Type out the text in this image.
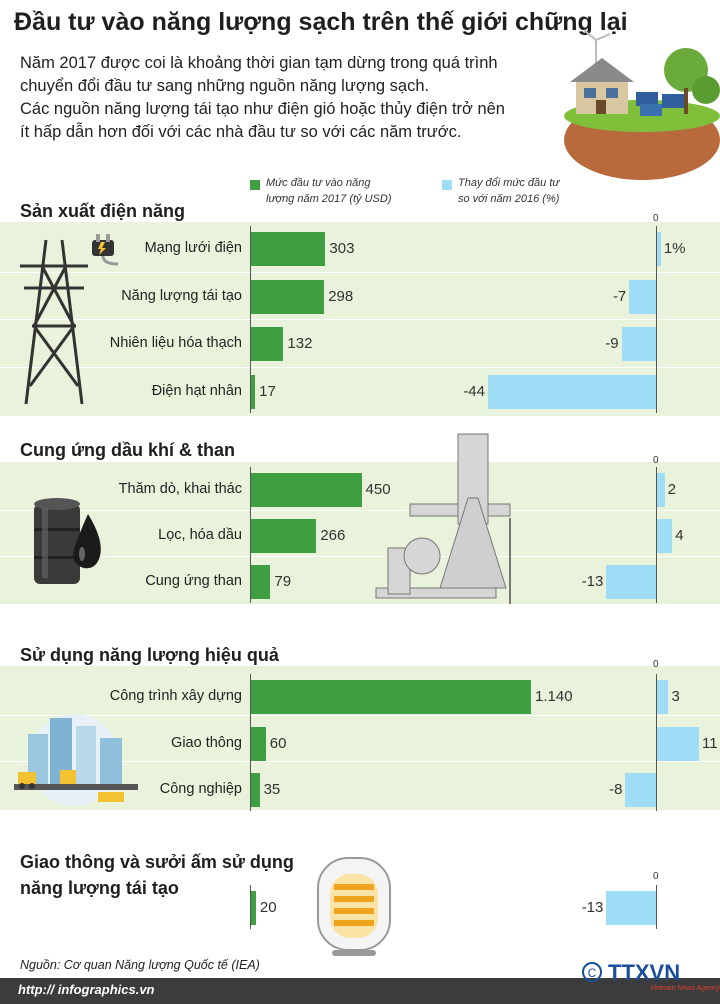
Đầu tư vào năng lượng sạch trên thế giới chững lại
Năm 2017 được coi là khoảng thời gian tạm dừng trong quá trình
chuyển đổi đầu tư sang những nguồn năng lượng sạch.
Các nguồn năng lượng tái tạo như điện gió hoặc thủy điện trở nên
ít hấp dẫn hơn đối với các nhà đầu tư so với các năm trước.
Mức đầu tư vào năng
lượng năm 2017 (tỷ USD)
Thay đổi mức đầu tư
so với năm 2016 (%)
Sản xuất điện năng	0
Mạng lưới điện	303	1%
Năng lượng tái tạo	298	-7
Nhiên liệu hóa thạch	132	-9
Điện hạt nhân 17	-44
Cung ứng dầu khí & than
0
Thăm dò, khai thác	450	2
Lọc, hóa dầu	266	4
Cung ứng than 79	-13
Sử dụng năng lượng hiệu quả	0
Công trình xây dựng	1.140	3
Giao thông 60	11
Công nghiệp 35	-8
Giao thông và sưởi ấm sử dụng
năng lượng tái tạo
0
20	-13
Nguồn: Cơ quan Năng lượng Quốc tế (IEA)
http:// infographics.vn
C TTXVN
Vietnam News Agency
